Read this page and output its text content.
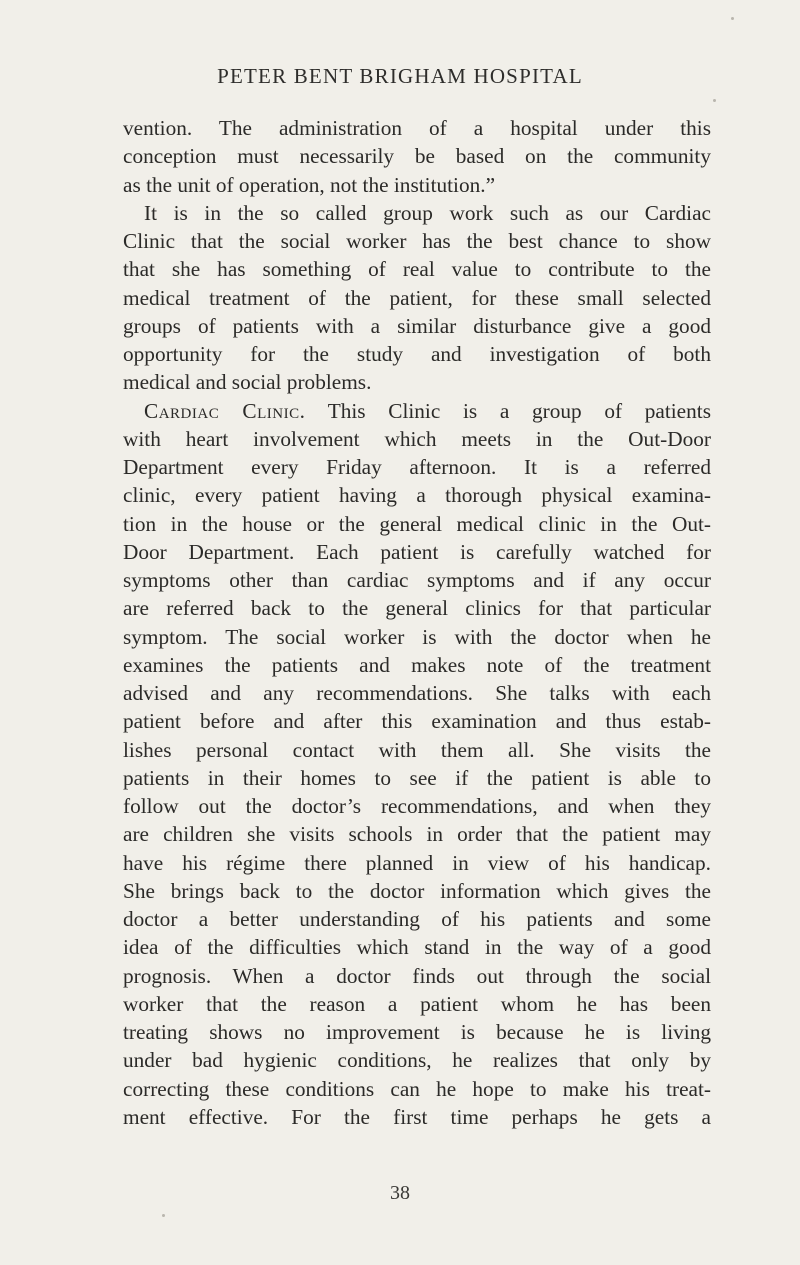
PETER BENT BRIGHAM HOSPITAL
vention. The administration of a hospital under this
conception must necessarily be based on the community
as the unit of operation, not the institution.”
It is in the so called group work such as our Cardiac
Clinic that the social worker has the best chance to show
that she has something of real value to contribute to the
medical treatment of the patient, for these small selected
groups of patients with a similar disturbance give a good
opportunity for the study and investigation of both
medical and social problems.
Cardiac Clinic. This Clinic is a group of patients
with heart involvement which meets in the Out-Door
Department every Friday afternoon. It is a referred
clinic, every patient having a thorough physical examina-
tion in the house or the general medical clinic in the Out-
Door Department. Each patient is carefully watched for
symptoms other than cardiac symptoms and if any occur
are referred back to the general clinics for that particular
symptom. The social worker is with the doctor when he
examines the patients and makes note of the treatment
advised and any recommendations. She talks with each
patient before and after this examination and thus estab-
lishes personal contact with them all. She visits the
patients in their homes to see if the patient is able to
follow out the doctor’s recommendations, and when they
are children she visits schools in order that the patient may
have his régime there planned in view of his handicap.
She brings back to the doctor information which gives the
doctor a better understanding of his patients and some
idea of the difficulties which stand in the way of a good
prognosis. When a doctor finds out through the social
worker that the reason a patient whom he has been
treating shows no improvement is because he is living
under bad hygienic conditions, he realizes that only by
correcting these conditions can he hope to make his treat-
ment effective. For the first time perhaps he gets a
38
